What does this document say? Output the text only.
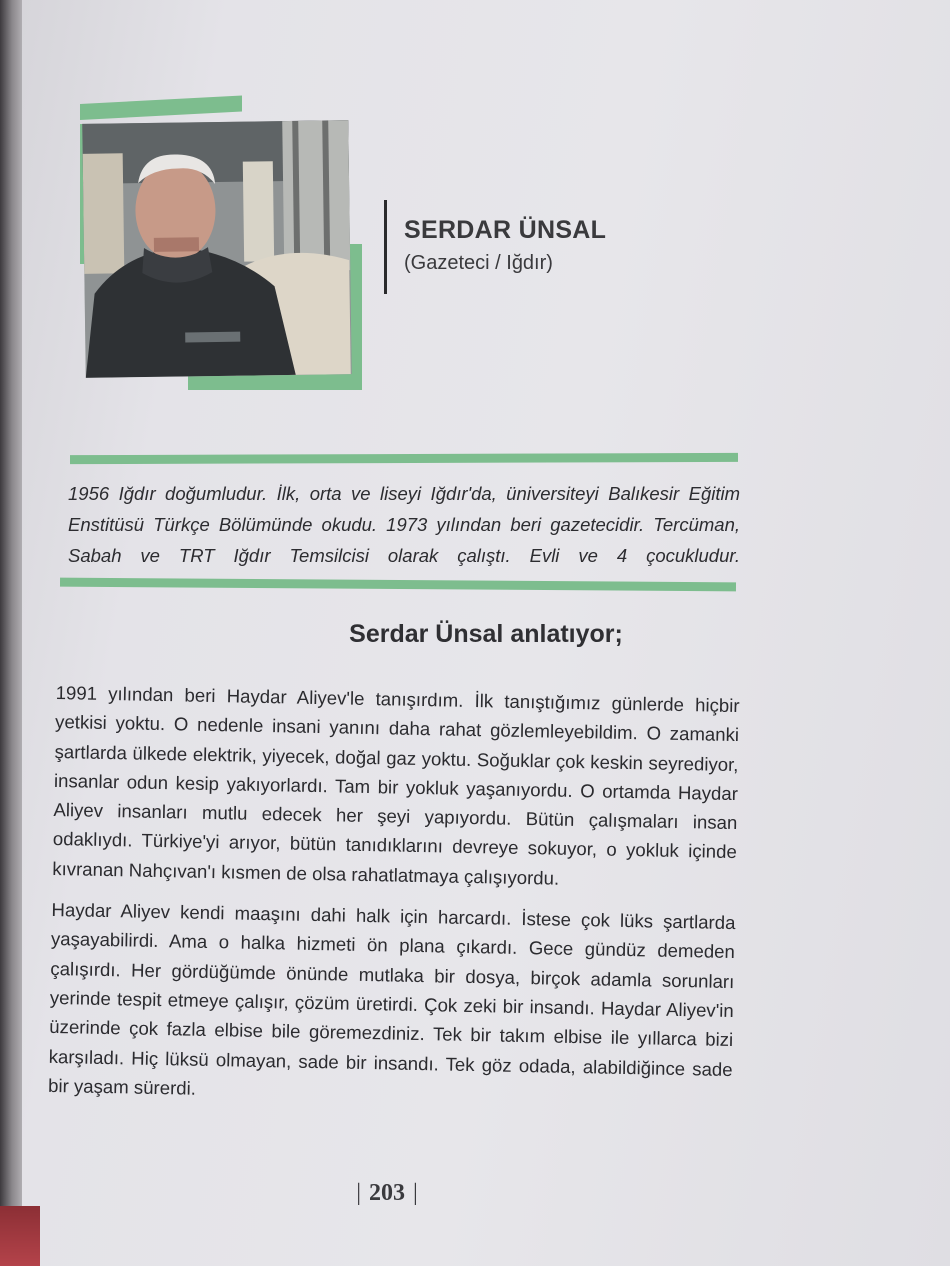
SERDAR ÜNSAL
(Gazeteci / Iğdır)
1956 Iğdır doğumludur. İlk, orta ve liseyi Iğdır'da, üniversiteyi Balıkesir Eğitim Enstitüsü Türkçe Bölümünde okudu. 1973 yılından beri gazetecidir. Tercüman, Sabah ve TRT Iğdır Temsilcisi olarak çalıştı. Evli ve 4 çocukludur.
Serdar Ünsal anlatıyor;

1991 yılından beri Haydar Aliyev'le tanışırdım. İlk tanıştığımız günlerde hiçbir yetkisi yoktu. O nedenle insani yanını daha rahat gözlemleyebildim. O zamanki şartlarda ülkede elektrik, yiyecek, doğal gaz yoktu. Soğuklar çok keskin seyrediyor, insanlar odun kesip yakıyorlardı. Tam bir yokluk yaşanıyordu. O ortamda Haydar Aliyev insanları mutlu edecek her şeyi yapıyordu. Bütün çalışmaları insan odaklıydı. Türkiye'yi arıyor, bütün tanıdıklarını devreye sokuyor, o yokluk içinde kıvranan Nahçıvan'ı kısmen de olsa rahatlatmaya çalışıyordu.

Haydar Aliyev kendi maaşını dahi halk için harcardı. İstese çok lüks şartlarda yaşayabilirdi. Ama o halka hizmeti ön plana çıkardı. Gece gündüz demeden çalışırdı. Her gördüğümde önünde mutlaka bir dosya, birçok adamla sorunları yerinde tespit etmeye çalışır, çözüm üretirdi. Çok zeki bir insandı. Haydar Aliyev'in üzerinde çok fazla elbise bile göremezdiniz. Tek bir takım elbise ile yıllarca bizi karşıladı. Hiç lüksü olmayan, sade bir insandı. Tek göz odada, alabildiğince sade bir yaşam sürerdi.

| 203 |
